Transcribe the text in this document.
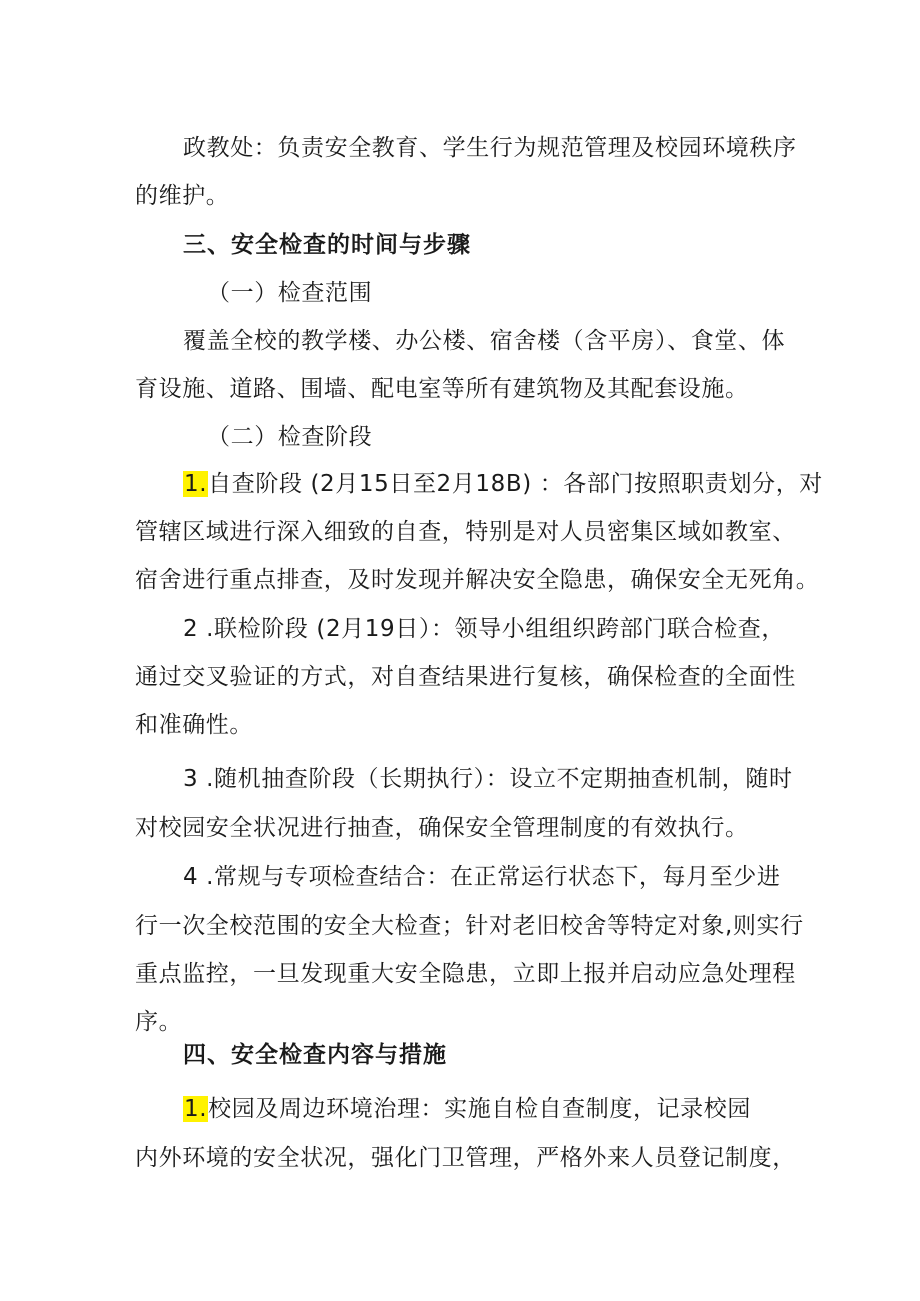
政教处：负责安全教育、学生行为规范管理及校园环境秩序
的维护。
三、安全检查的时间与步骤
（一）检查范围
覆盖全校的教学楼、办公楼、宿舍楼（含平房）、食堂、体
育设施、道路、围墙、配电室等所有建筑物及其配套设施。
（二）检查阶段
1.自查阶段 (2月15日至2月18B) ：各部门按照职责划分，对
管辖区域进行深入细致的自查，特别是对人员密集区域如教室、
宿舍进行重点排查，及时发现并解决安全隐患，确保安全无死角。
2 .联检阶段 (2月19日）：领导小组组织跨部门联合检查，
通过交叉验证的方式，对自查结果进行复核，确保检查的全面性
和准确性。
3 .随机抽查阶段（长期执行）：设立不定期抽查机制，随时
对校园安全状况进行抽查，确保安全管理制度的有效执行。
4 .常规与专项检查结合：在正常运行状态下，每月至少进
行一次全校范围的安全大检查；针对老旧校舍等特定对象,则实行
重点监控，一旦发现重大安全隐患，立即上报并启动应急处理程
序。
四、安全检查内容与措施
1.校园及周边环境治理：实施自检自查制度，记录校园
内外环境的安全状况，强化门卫管理，严格外来人员登记制度，
